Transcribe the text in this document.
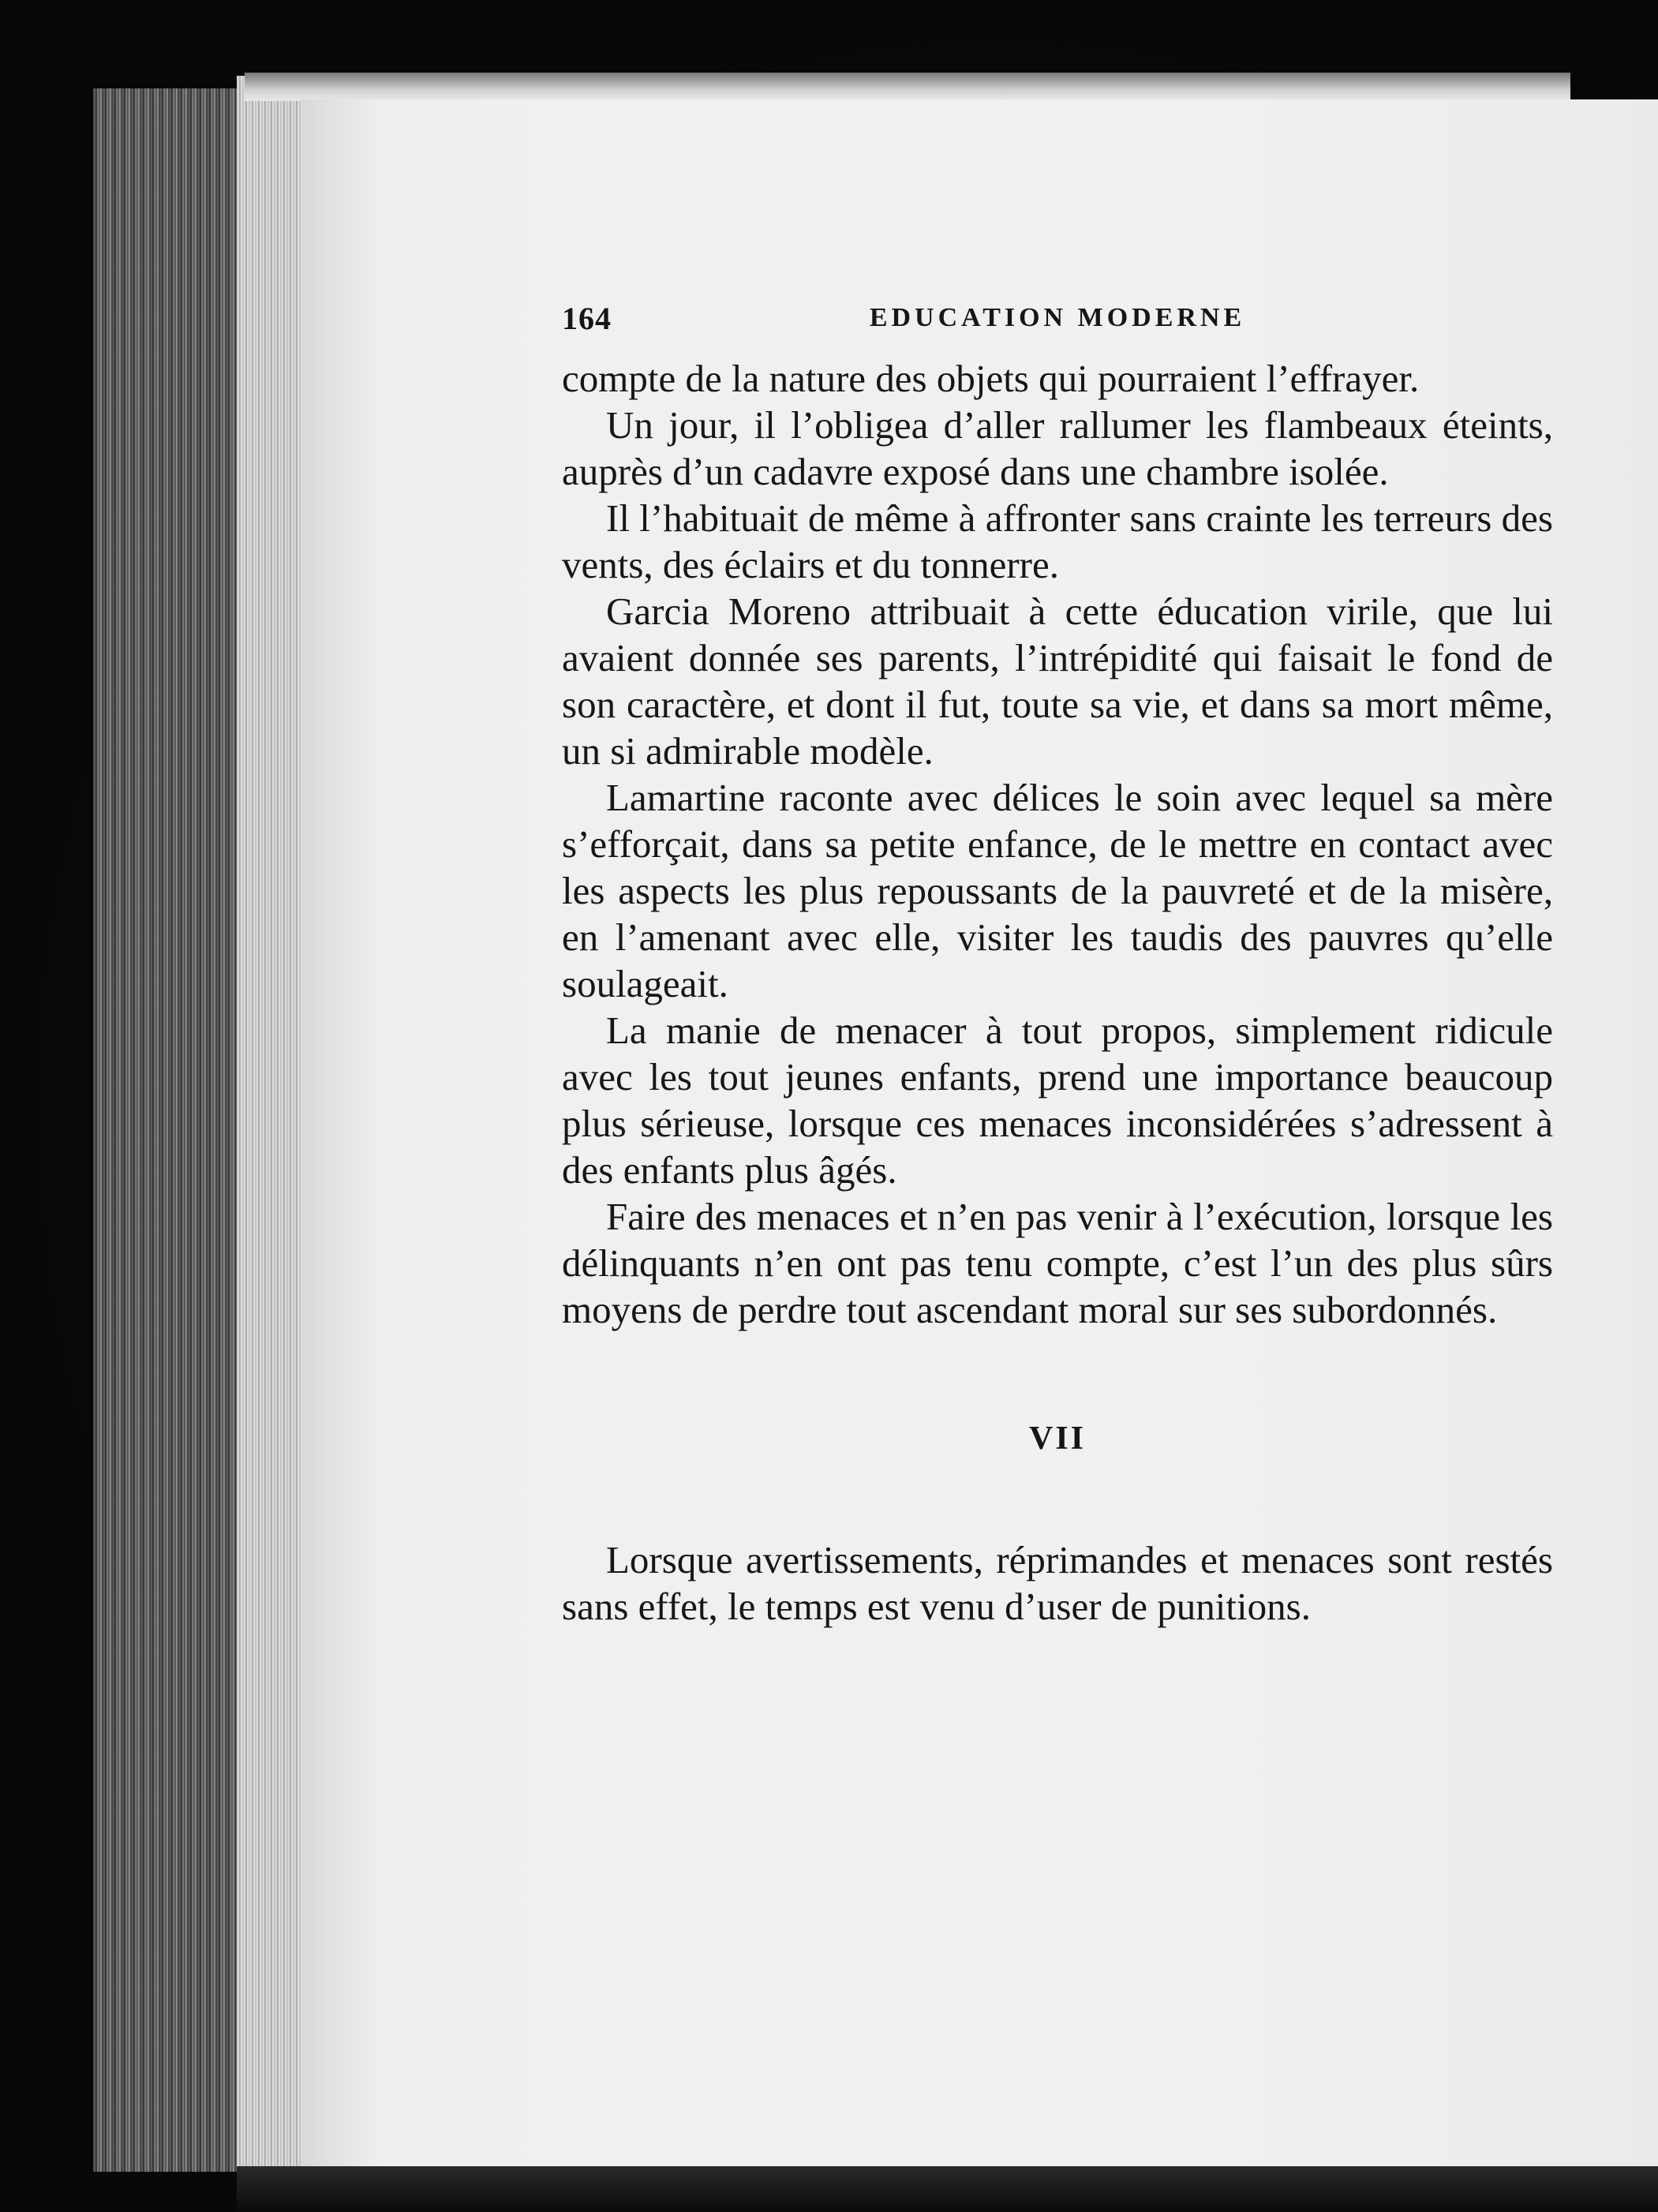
164	EDUCATION MODERNE

compte de la nature des objets qui pourraient l’effrayer.

Un jour, il l’obligea d’aller rallumer les flambeaux éteints, auprès d’un cadavre exposé dans une chambre isolée.

Il l’habituait de même à affronter sans crainte les terreurs des vents, des éclairs et du tonnerre.

Garcia Moreno attribuait à cette éducation virile, que lui avaient donnée ses parents, l’intrépidité qui faisait le fond de son caractère, et dont il fut, toute sa vie, et dans sa mort même, un si admirable modèle.

Lamartine raconte avec délices le soin avec lequel sa mère s’efforçait, dans sa petite enfance, de le mettre en contact avec les aspects les plus repoussants de la pauvreté et de la misère, en l’amenant avec elle, visiter les taudis des pauvres qu’elle soulageait.

La manie de menacer à tout propos, simplement ridicule avec les tout jeunes enfants, prend une importance beaucoup plus sérieuse, lorsque ces menaces inconsidérées s’adressent à des enfants plus âgés.

Faire des menaces et n’en pas venir à l’exécution, lorsque les délinquants n’en ont pas tenu compte, c’est l’un des plus sûrs moyens de perdre tout ascendant moral sur ses subordonnés.

VII

Lorsque avertissements, réprimandes et menaces sont restés sans effet, le temps est venu d’user de punitions.
